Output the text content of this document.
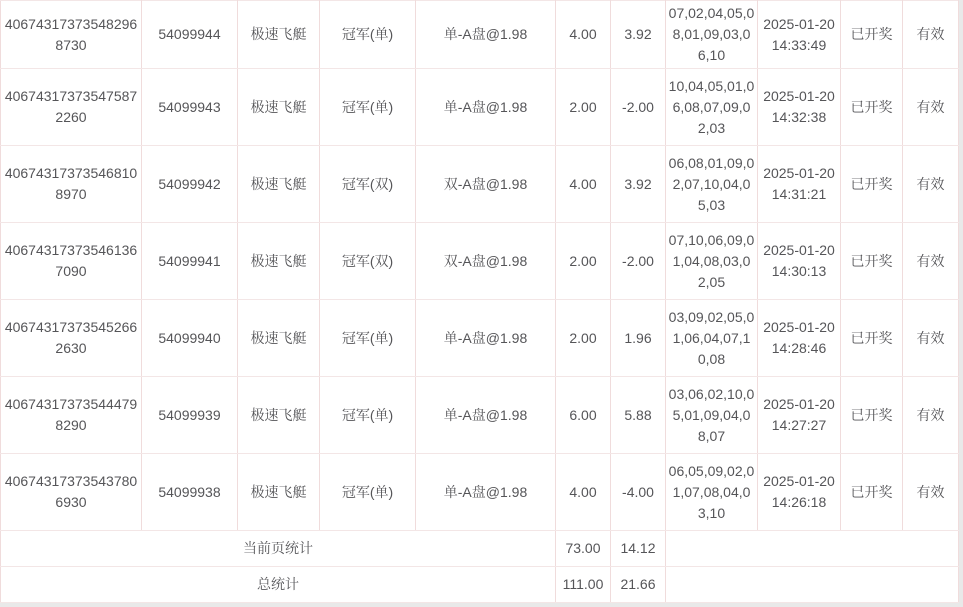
406743173735482968730	54099944	极速飞艇	冠军(单)	单-A盘@1.98	4.00	3.92	07,02,04,05,08,01,09,03,06,10	2025-01-20 14:33:49	已开奖	有效
406743173735475872260	54099943	极速飞艇	冠军(单)	单-A盘@1.98	2.00	-2.00	10,04,05,01,06,08,07,09,02,03	2025-01-20 14:32:38	已开奖	有效
406743173735468108970	54099942	极速飞艇	冠军(双)	双-A盘@1.98	4.00	3.92	06,08,01,09,02,07,10,04,05,03	2025-01-20 14:31:21	已开奖	有效
406743173735461367090	54099941	极速飞艇	冠军(双)	双-A盘@1.98	2.00	-2.00	07,10,06,09,01,04,08,03,02,05	2025-01-20 14:30:13	已开奖	有效
406743173735452662630	54099940	极速飞艇	冠军(单)	单-A盘@1.98	2.00	1.96	03,09,02,05,01,06,04,07,10,08	2025-01-20 14:28:46	已开奖	有效
406743173735444798290	54099939	极速飞艇	冠军(单)	单-A盘@1.98	6.00	5.88	03,06,02,10,05,01,09,04,08,07	2025-01-20 14:27:27	已开奖	有效
406743173735437806930	54099938	极速飞艇	冠军(单)	单-A盘@1.98	4.00	-4.00	06,05,09,02,01,07,08,04,03,10	2025-01-20 14:26:18	已开奖	有效
当前页统计					73.00	14.12				
总统计					111.00	21.66				
